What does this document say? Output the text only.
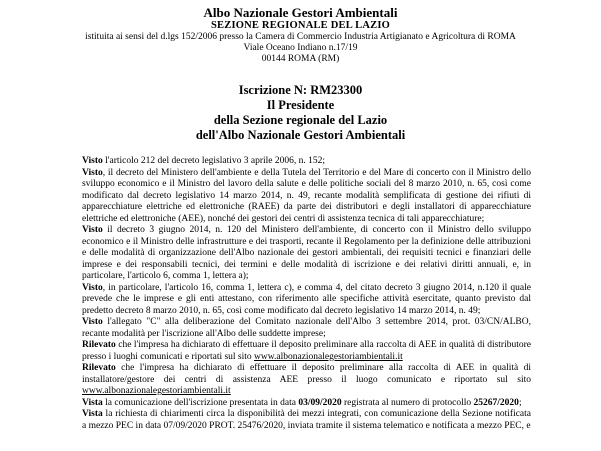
Albo Nazionale Gestori Ambientali
SEZIONE REGIONALE DEL LAZIO
istituita ai sensi del d.lgs 152/2006 presso la Camera di Commercio Industria Artigianato e Agricoltura di ROMA
Viale Oceano Indiano n.17/19
00144 ROMA (RM)
Iscrizione N: RM23300
Il Presidente
della Sezione regionale del Lazio
dell'Albo Nazionale Gestori Ambientali

Visto l'articolo 212 del decreto legislativo 3 aprile 2006, n. 152;

Visto, il decreto del Ministero dell'ambiente e della Tutela del Territorio e del Mare di concerto con il Ministro dello sviluppo economico e il Ministro del lavoro della salute e delle politiche sociali del 8 marzo 2010, n. 65, così come modificato dal decreto legislativo 14 marzo 2014, n. 49, recante modalità semplificata di gestione dei rifiuti di apparecchiature elettriche ed elettroniche (RAEE) da parte dei distributori e degli installatori di apparecchiature elettriche ed elettroniche (AEE), nonché dei gestori dei centri di assistenza tecnica di tali apparecchiature;

Visto il decreto 3 giugno 2014, n. 120 del Ministero dell'ambiente, di concerto con il Ministro dello sviluppo economico e il Ministro delle infrastrutture e dei trasporti, recante il Regolamento per la definizione delle attribuzioni e delle modalità di organizzazione dell'Albo nazionale dei gestori ambientali, dei requisiti tecnici e finanziari delle imprese e dei responsabili tecnici, dei termini e delle modalità di iscrizione e dei relativi diritti annuali, e, in particolare, l'articolo 6, comma 1, lettera a);

Visto, in particolare, l'articolo 16, comma 1, lettera c), e comma 4, del citato decreto 3 giugno 2014, n.120 il quale prevede che le imprese e gli enti attestano, con riferimento alle specifiche attività esercitate, quanto previsto dal predetto decreto 8 marzo 2010, n. 65, così come modificato dal decreto legislativo 14 marzo 2014, n. 49;

Visto l'allegato "C" alla deliberazione del Comitato nazionale dell'Albo 3 settembre 2014, prot. 03/CN/ALBO, recante modalità per l'iscrizione all'Albo delle suddette imprese;

Rilevato che l'impresa ha dichiarato di effettuare il deposito preliminare alla raccolta di AEE in qualità di distributore presso i luoghi comunicati e riportati sul sito www.albonazionalegestoriambientali.it

Rilevato che l'impresa ha dichiarato di effettuare il deposito preliminare alla raccolta di AEE in qualità di installatore/gestore dei centri di assistenza AEE presso il luogo comunicato e riportato sul sito www.albonazionalegestoriambientali.it

Vista la comunicazione dell'iscrizione presentata in data 03/09/2020 registrata al numero di protocollo 25267/2020;

Vista la richiesta di chiarimenti circa la disponibilità dei mezzi integrati, con comunicazione della Sezione notificata a mezzo PEC in data 07/09/2020 PROT. 25476/2020, inviata tramite il sistema telematico e notificata a mezzo PEC, e
